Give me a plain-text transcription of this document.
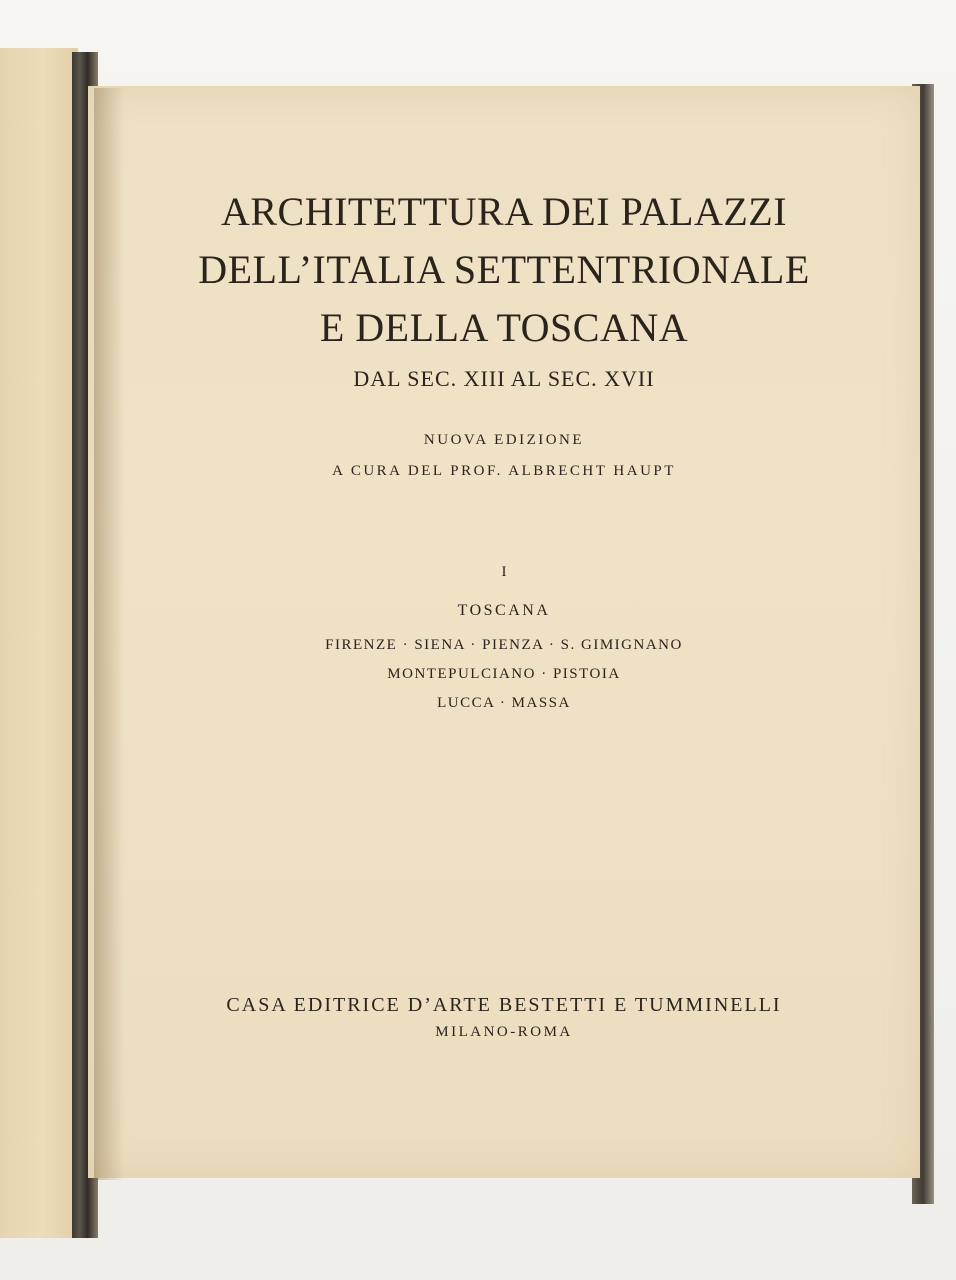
ARCHITETTURA DEI PALAZZI
DELL’ITALIA SETTENTRIONALE
E DELLA TOSCANA
DAL SEC. XIII AL SEC. XVII
NUOVA EDIZIONE
A CURA DEL PROF. ALBRECHT HAUPT
I
TOSCANA
FIRENZE · SIENA · PIENZA · S. GIMIGNANO
MONTEPULCIANO · PISTOIA
LUCCA · MASSA
CASA EDITRICE D’ARTE BESTETTI E TUMMINELLI
MILANO-ROMA
